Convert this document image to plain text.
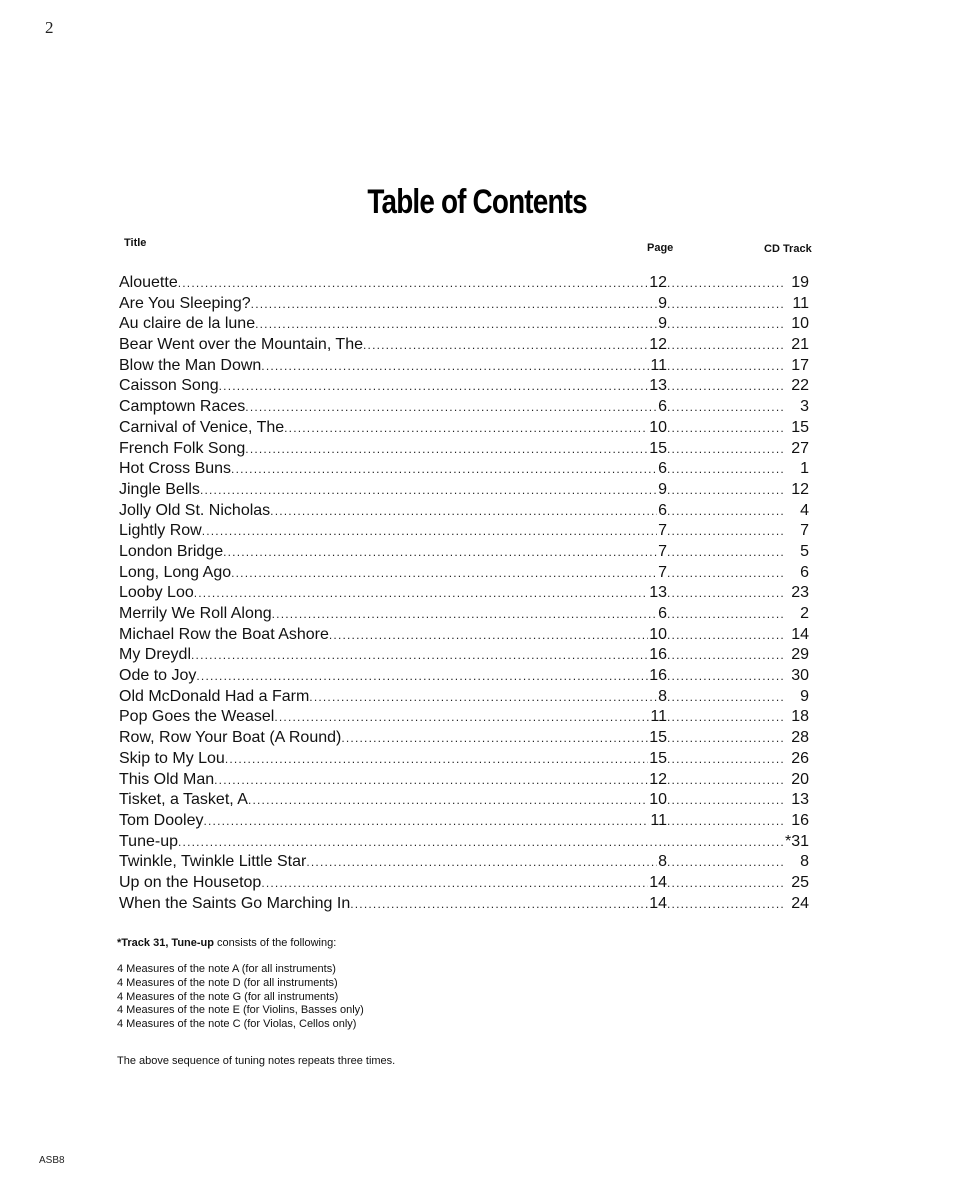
2
Table of Contents
Title	Page	CD Track
Alouette .....	12 .....	19
Are You Sleeping? .....	9 .....	11
Au claire de la lune .....	9 .....	10
Bear Went over the Mountain, The .....	12 .....	21
Blow the Man Down .....	11 .....	17
Caisson Song .....	13 .....	22
Camptown Races .....	6 .....	3
Carnival of Venice, The .....	10 .....	15
French Folk Song .....	15 .....	27
Hot Cross Buns .....	6 .....	1
Jingle Bells .....	9 .....	12
Jolly Old St. Nicholas .....	6 .....	4
Lightly Row .....	7 .....	7
London Bridge .....	7 .....	5
Long, Long Ago .....	7 .....	6
Looby Loo .....	13 .....	23
Merrily We Roll Along .....	6 .....	2
Michael Row the Boat Ashore .....	10 .....	14
My Dreydl .....	16 .....	29
Ode to Joy .....	16 .....	30
Old McDonald Had a Farm .....	8 .....	9
Pop Goes the Weasel .....	11 .....	18
Row, Row Your Boat (A Round) .....	15 .....	28
Skip to My Lou .....	15 .....	26
This Old Man .....	12 .....	20
Tisket, a Tasket, A .....	10 .....	13
Tom Dooley .....	11 .....	16
Tune-up ..... .....	*31
Twinkle, Twinkle Little Star .....	8 .....	8
Up on the Housetop .....	14 .....	25
When the Saints Go Marching In .....	14 .....	24
*Track 31, Tune-up consists of the following:
4 Measures of the note A (for all instruments)
4 Measures of the note D (for all instruments)
4 Measures of the note G (for all instruments)
4 Measures of the note E (for Violins, Basses only)
4 Measures of the note C (for Violas, Cellos only)
The above sequence of tuning notes repeats three times.
ASB8
